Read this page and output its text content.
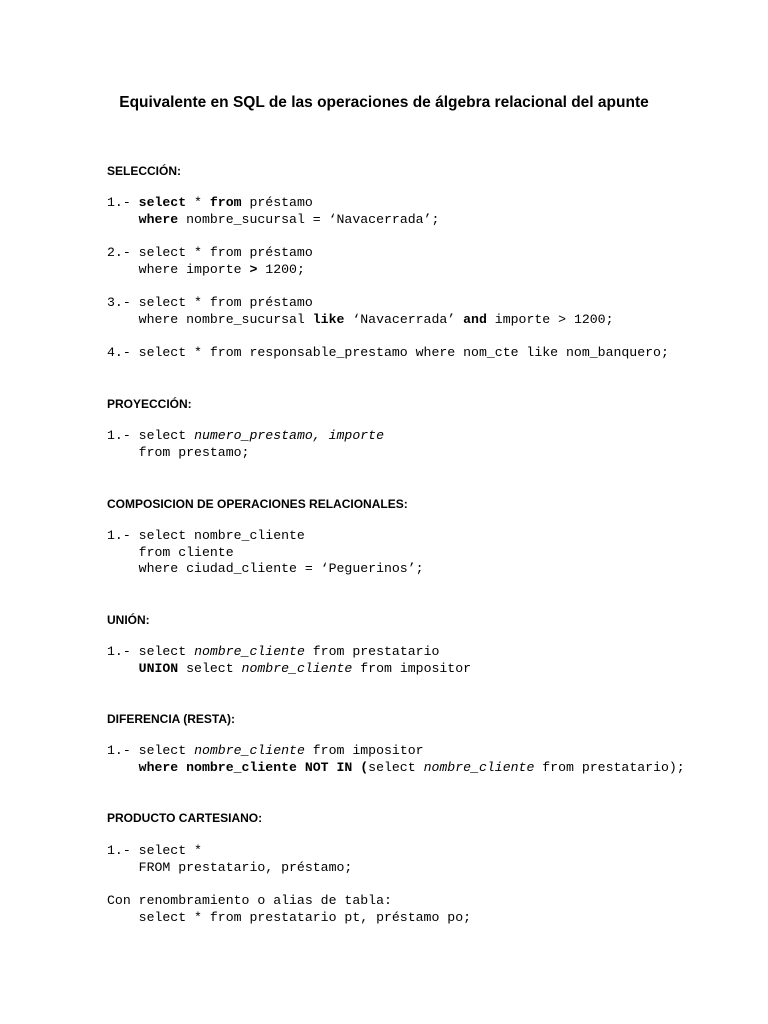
Equivalente en SQL de las operaciones de álgebra relacional del apunte
SELECCIÓN:
1.- select * from préstamo
where nombre_sucursal = ‘Navacerrada’;
2.- select * from préstamo
where importe > 1200;
3.- select * from préstamo
where nombre_sucursal like ‘Navacerrada’ and importe > 1200;
4.- select * from responsable_prestamo where nom_cte like nom_banquero;
PROYECCIÓN:
1.- select numero_prestamo, importe
from prestamo;
COMPOSICION DE OPERACIONES RELACIONALES:
1.- select nombre_cliente
from cliente
where ciudad_cliente = ‘Peguerinos’;
UNIÓN:
1.- select nombre_cliente from prestatario
UNION select nombre_cliente from impositor
DIFERENCIA (RESTA):
1.- select nombre_cliente from impositor
where nombre_cliente NOT IN (select nombre_cliente from prestatario);
PRODUCTO CARTESIANO:
1.- select *
FROM prestatario, préstamo;
Con renombramiento o alias de tabla:
select * from prestatario pt, préstamo po;
